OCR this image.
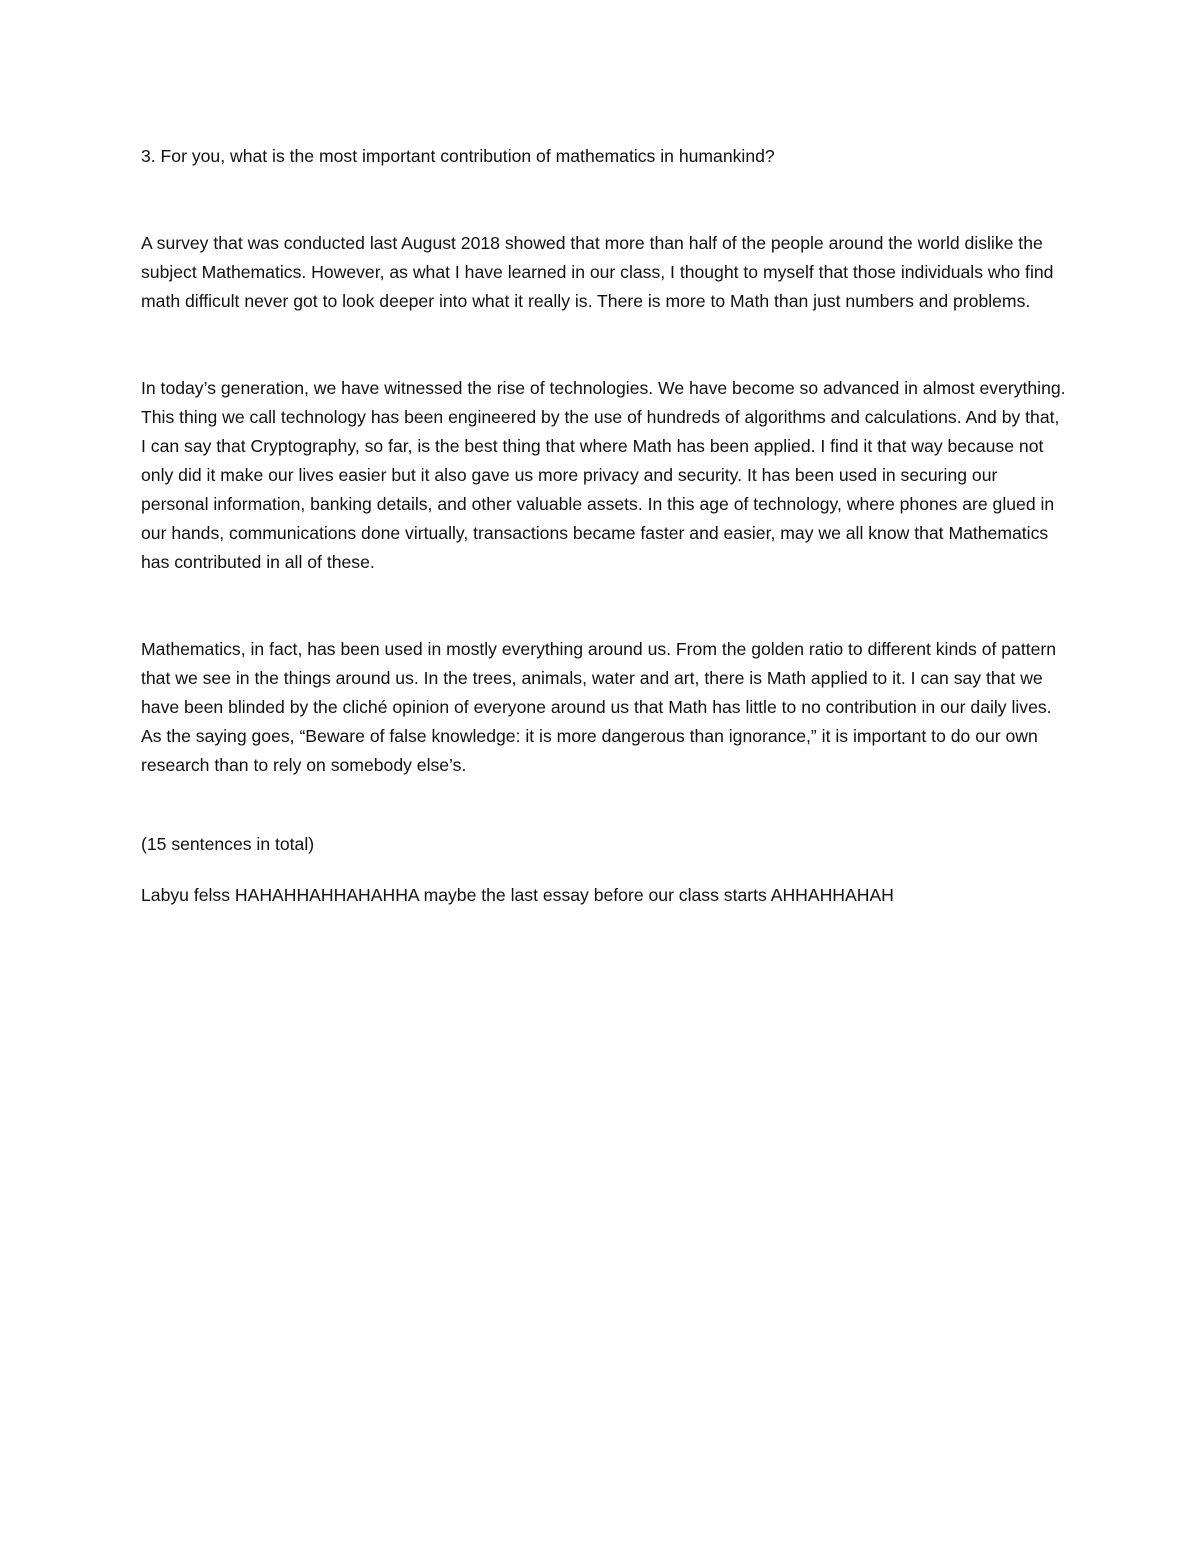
3. For you, what is the most important contribution of mathematics in humankind?

A survey that was conducted last August 2018 showed that more than half of the people around the world dislike the subject Mathematics. However, as what I have learned in our class, I thought to myself that those individuals who find math difficult never got to look deeper into what it really is. There is more to Math than just numbers and problems.

In today’s generation, we have witnessed the rise of technologies. We have become so advanced in almost everything. This thing we call technology has been engineered by the use of hundreds of algorithms and calculations. And by that, I can say that Cryptography, so far, is the best thing that where Math has been applied. I find it that way because not only did it make our lives easier but it also gave us more privacy and security. It has been used in securing our personal information, banking details, and other valuable assets. In this age of technology, where phones are glued in our hands, communications done virtually, transactions became faster and easier, may we all know that Mathematics has contributed in all of these.

Mathematics, in fact, has been used in mostly everything around us. From the golden ratio to different kinds of pattern that we see in the things around us. In the trees, animals, water and art, there is Math applied to it. I can say that we have been blinded by the cliché opinion of everyone around us that Math has little to no contribution in our daily lives. As the saying goes, “Beware of false knowledge: it is more dangerous than ignorance,” it is important to do our own research than to rely on somebody else’s.

(15 sentences in total)

Labyu felss HAHAHHAHHAHAHHA maybe the last essay before our class starts AHHAHHAHAH
